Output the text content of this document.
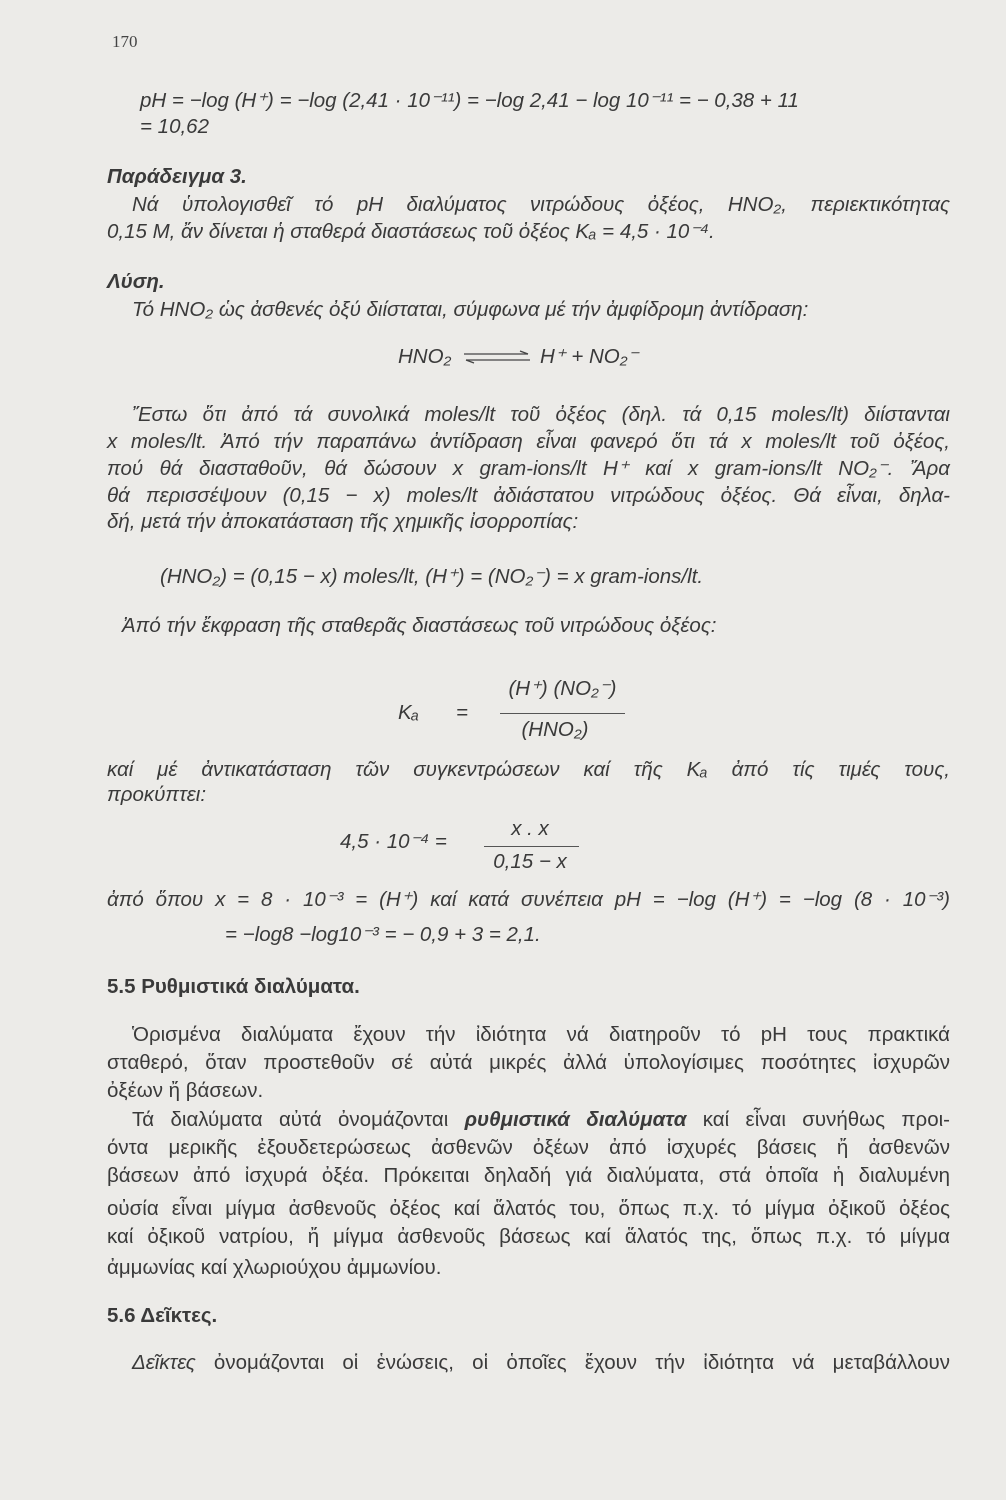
170
pH = −log (H⁺) = −log (2,41 · 10⁻¹¹) = −log 2,41 − log 10⁻¹¹ = − 0,38 + 11
= 10,62
Παράδειγμα 3.
Νά ὑπολογισθεῖ τό pH διαλύματος νιτρώδους ὀξέος, HNO₂, περιεκτικότητας
0,15 M, ἄν δίνεται ἡ σταθερά διαστάσεως τοῦ ὀξέος Kₐ = 4,5 · 10⁻⁴.
Λύση.
Τό HNO₂ ὡς ἀσθενές ὀξύ διίσταται, σύμφωνα μέ τήν ἀμφίδρομη ἀντίδραση:
HNO₂	H⁺ + NO₂⁻
Ἔστω ὅτι ἀπό τά συνολικά moles/lt τοῦ ὀξέος (δηλ. τά 0,15 moles/lt) διίστανται
x moles/lt. Ἀπό τήν παραπάνω ἀντίδραση εἶναι φανερό ὅτι τά x moles/lt τοῦ ὀξέος,
πού θά διασταθοῦν, θά δώσουν x gram-ions/lt H⁺ καί x gram-ions/lt NO₂⁻. Ἄρα
θά περισσέψουν (0,15 − x) moles/lt ἀδιάστατου νιτρώδους ὀξέος. Θά εἶναι, δηλα-
δή, μετά τήν ἀποκατάσταση τῆς χημικῆς ἰσορροπίας:
(HNO₂) = (0,15 − x) moles/lt, (H⁺) = (NO₂⁻) = x gram-ions/lt.
Ἀπό τήν ἔκφραση τῆς σταθερᾶς διαστάσεως τοῦ νιτρώδους ὀξέος:
Kₐ =
(H⁺) (NO₂⁻)
(HNO₂)
καί μέ ἀντικατάσταση τῶν συγκεντρώσεων καί τῆς Kₐ ἀπό τίς τιμές τους,
προκύπτει:
4,5 · 10⁻⁴ =
x . x
0,15 − x
ἀπό ὅπου x = 8 · 10⁻³ = (H⁺) καί κατά συνέπεια pH = −log (H⁺) = −log (8 · 10⁻³)
= −log8 −log10⁻³ = − 0,9 + 3 = 2,1.
5.5 Ρυθμιστικά διαλύματα.
Ὁρισμένα διαλύματα ἔχουν τήν ἰδιότητα νά διατηροῦν τό pH τους πρακτικά
σταθερό, ὅταν προστεθοῦν σέ αὐτά μικρές ἀλλά ὑπολογίσιμες ποσότητες ἰσχυρῶν
ὀξέων ἤ βάσεων.
Τά διαλύματα αὐτά ὀνομάζονται ρυθμιστικά διαλύματα καί εἶναι συνήθως προι-
όντα μερικῆς ἐξουδετερώσεως ἀσθενῶν ὀξέων ἀπό ἰσχυρές βάσεις ἤ ἀσθενῶν
βάσεων ἀπό ἰσχυρά ὀξέα. Πρόκειται δηλαδή γιά διαλύματα, στά ὁποῖα ἡ διαλυμένη
οὐσία εἶναι μίγμα ἀσθενοῦς ὀξέος καί ἅλατός του, ὅπως π.χ. τό μίγμα ὀξικοῦ ὀξέος
καί ὀξικοῦ νατρίου, ἤ μίγμα ἀσθενοῦς βάσεως καί ἅλατός της, ὅπως π.χ. τό μίγμα
ἀμμωνίας καί χλωριούχου ἀμμωνίου.
5.6 Δεῖκτες.
Δεῖκτες ὀνομάζονται οἱ ἑνώσεις, οἱ ὁποῖες ἔχουν τήν ἰδιότητα νά μεταβάλλουν
